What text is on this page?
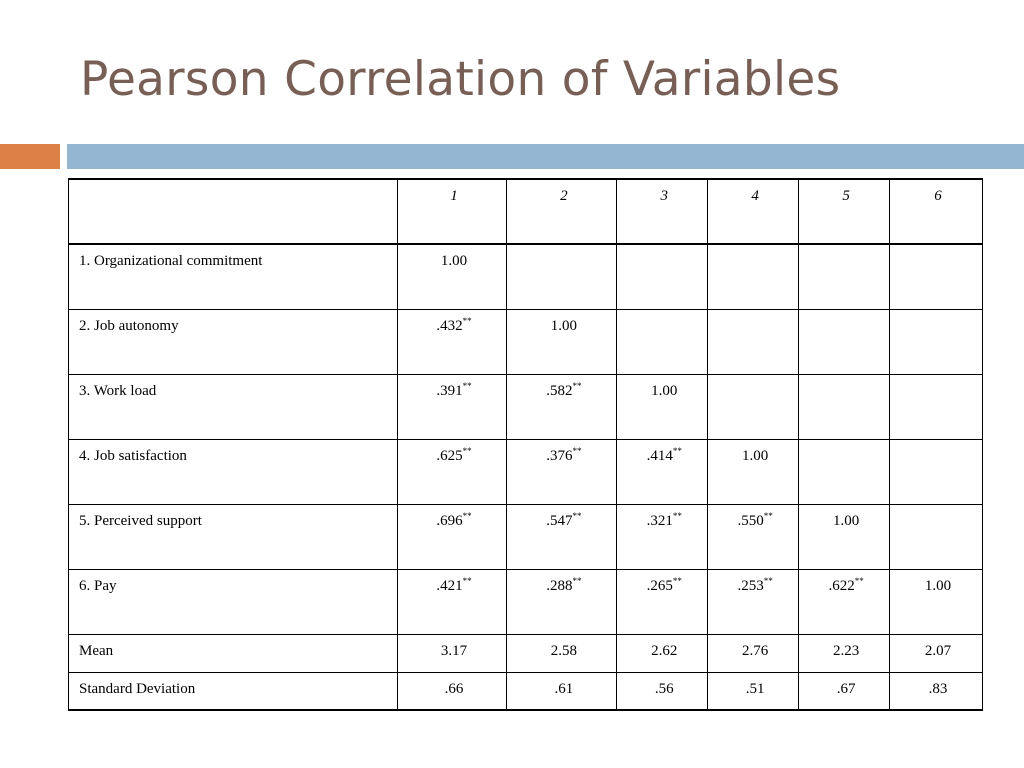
Pearson Correlation of Variables
	1	2	3	4	5	6
1. Organizational commitment	1.00					
2. Job autonomy	.432**	1.00				
3. Work load	.391**	.582**	1.00			
4. Job satisfaction	.625**	.376**	.414**	1.00		
5. Perceived support	.696**	.547**	.321**	.550**	1.00	
6. Pay	.421**	.288**	.265**	.253**	.622**	1.00
Mean	3.17	2.58	2.62	2.76	2.23	2.07
Standard Deviation	.66	.61	.56	.51	.67	.83
